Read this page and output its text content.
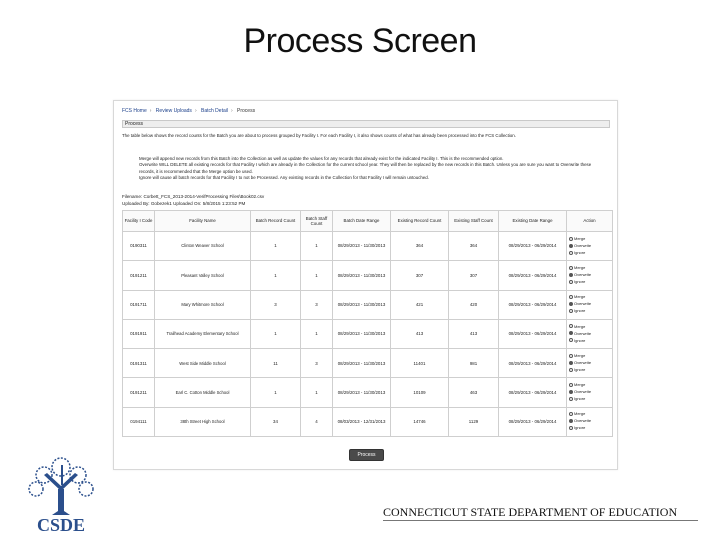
Process Screen
FCS Home › Review Uploads › Batch Detail › Process
Process
The table below shows the record counts for the Batch you are about to process grouped by Facility I. For each Facility I, it also shows counts of what has already been processed into the FCS Collection.
Merge will append new records from this Batch into the Collection as well as update the values for any records that already exist for the indicated Facility I. This is the recommended option.
Overwrite WILL DELETE all existing records for that Facility I which are already in the Collection for the current school year. They will then be replaced by the new records in this Batch. Unless you are sure you want to Overwrite these records, it is recommended that the Merge option be used.
Ignore will cause all batch records for that Facility I to not be Processed. Any existing records in the Collection for that Facility I will remain untouched.
Filename: Corbett_FCS_2013-2014-VerifProcessing Files\Book02.csv
Uploaded By: Gobezek1 Uploaded On: 5/8/2015 1:23:52 PM
Facility I Code	Facility Name	Batch Record Count	Batch Staff Count	Batch Date Range	Existing Record Count	Existing Staff Count	Existing Date Range	Action
0190311	Clinton Weaver School	1	1	08/29/2013 - 11/30/2013	364	364	08/29/2013 - 06/29/2014	Merge
Overwrite
Ignore

0191211	Pleasant Valley School	1	1	08/29/2013 - 11/30/2013	307	307	08/29/2013 - 06/29/2014	Merge
Overwrite
Ignore

0191711	Mary Whitmore School	3	3	08/29/2013 - 11/30/2013	421	420	08/29/2013 - 06/29/2014	Merge
Overwrite
Ignore

0191911	Trailhead Academy Elementary School	1	1	08/29/2013 - 11/30/2013	413	413	08/29/2013 - 06/29/2014	Merge
Overwrite
Ignore

0191311	West Side Middle School	11	3	08/29/2013 - 11/30/2013	11401	981	08/29/2013 - 06/29/2014	Merge
Overwrite
Ignore

0191211	Earl C. Cotton Middle School	1	1	08/29/2013 - 11/30/2013	10109	463	08/29/2013 - 06/29/2014	Merge
Overwrite
Ignore

0194111	38th Street High School	34	4	08/03/2013 - 12/31/2013	14746	1129	08/29/2013 - 06/29/2014	Merge
Overwrite
Ignore
Process
CSDE
CONNECTICUT STATE DEPARTMENT OF EDUCATION
